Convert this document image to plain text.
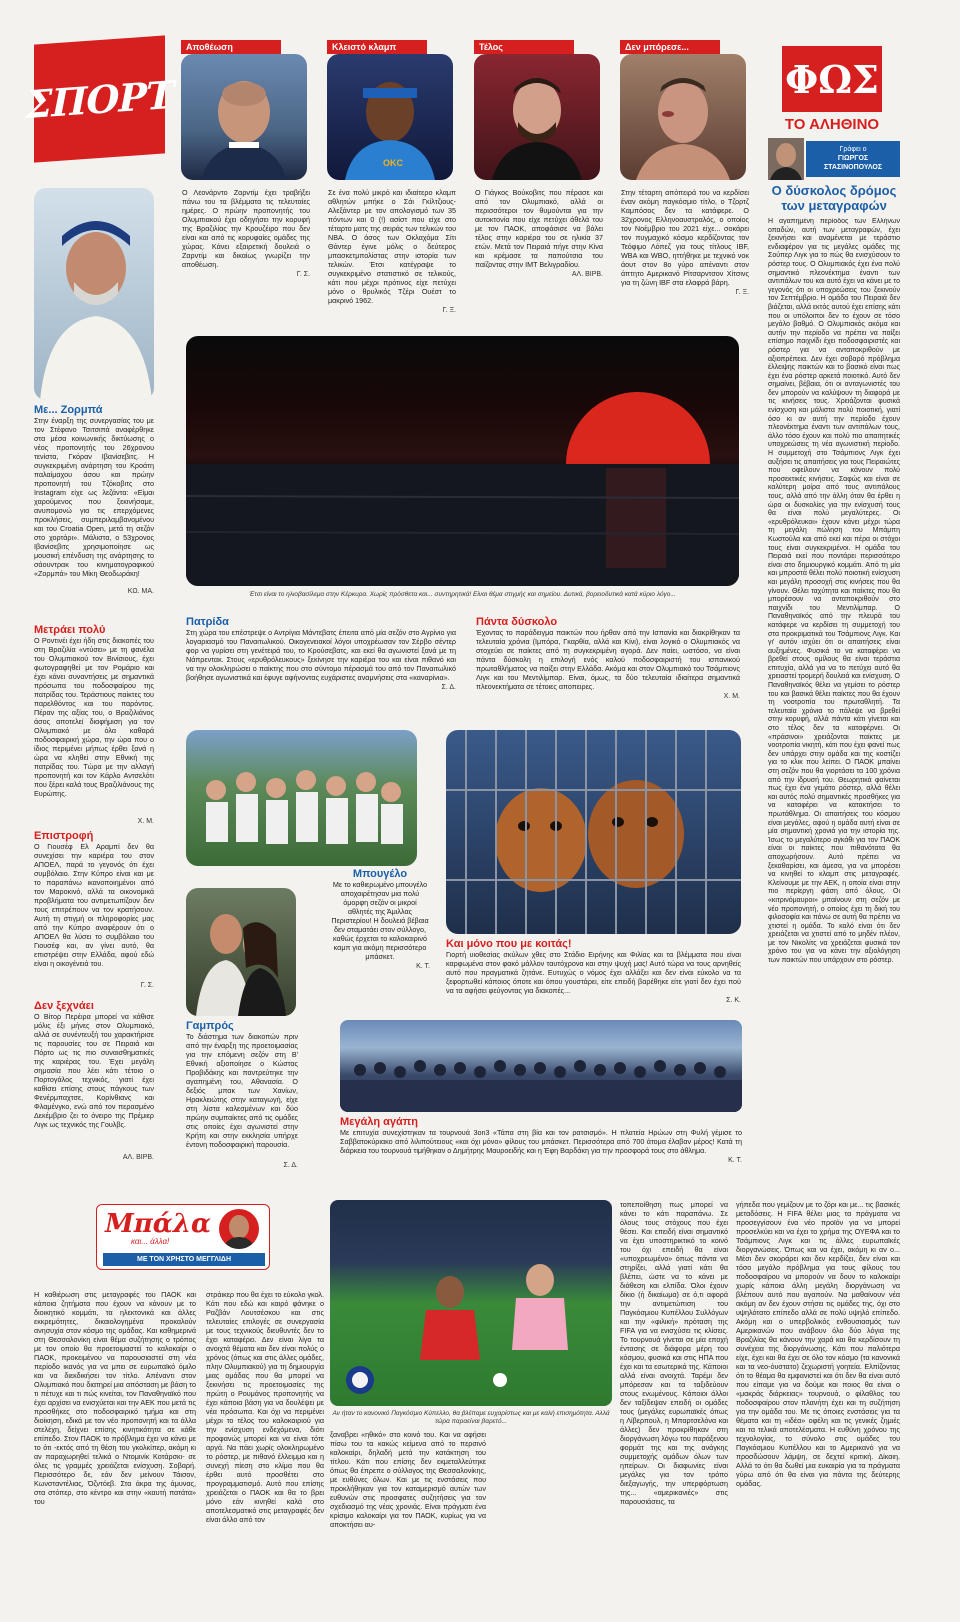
ΣΠΟΡΤ
Αποθέωση	Κλειστό κλαμπ	Τέλος	Δεν μπόρεσε...
OKC
ΦΩΣ
ΤΟ ΑΛΗΘΙΝΟ
Γράφει ο
ΓΙΩΡΓΟΣ ΣΤΑΣΙΝΟΠΟΥΛΟΣ
Ο δύσκολος δρόμος των μεταγραφών
Η αγαπημένη περίοδος των Ελλήνων οπαδών, αυτή των μεταγραφών, έχει ξεκινήσει και αναμένεται με τεράστιο ενδιαφέρον για τις μεγάλες ομάδες της Σούπερ Λιγκ για το πώς θα ενισχύσουν το ρόστερ τους. Ο Ολυμπιακός έχει ένα πολύ σημαντικό πλεονέκτημα έναντι των αντιπάλων του και αυτό έχει να κάνει με το γεγονός ότι οι υποχρεώσεις του ξεκινούν τον Σεπτέμβριο. Η ομάδα του Πειραιά δεν βιάζεται, αλλά εκτός αυτού έχει επίσης κάτι που οι υπόλοιποι δεν το έχουν σε τόσο μεγάλο βαθμό. Ο Ολυμπιακός ακόμα και αυτήν την περίοδο να πρέπει να παίξει επίσημο παιχνίδι έχει ποδοσφαιριστές και ρόστερ για να ανταποκριθούν με αξιοπρέπεια. Δεν έχει σοβαρό πρόβλημα έλλειψης παικτών και το βασικό είναι πως έχει ένα ρόστερ αρκετά ποιοτικό. Αυτό δεν σημαίνει, βέβαια, ότι οι ανταγωνιστές του δεν μπορούν να καλύψουν τη διαφορά με τις κινήσεις τους. Χρειάζονται φυσικά ενίσχυση και μάλιστα πολύ ποιοτική, γιατί όσο κι αν αυτή την περίοδο έχουν πλεονέκτημα έναντι των αντιπάλων τους, άλλο τόσο έχουν και πολύ πιο απαιτητικές υποχρεώσεις τη νέα αγωνιστική περίοδο. Η συμμετοχή στο Τσάμπιονς Λιγκ έχει αυξήσει τις απαιτήσεις για τους Πειραιώτες που οφείλουν να κάνουν πολύ προσεκτικές κινήσεις. Σαφώς και είναι σε καλύτερη μοίρα από τους αντιπάλους τους, αλλά από την άλλη όταν θα έρθει η ώρα οι δυσκολίες για την ενίσχυσή τους θα είναι πολύ μεγαλύτερες. Οι «ερυθρόλευκοι» έχουν κάνει μέχρι τώρα τη μεγάλη πώληση του Μπάμπη Κωστούλα και από εκεί και πέρα οι στόχοι τους είναι συγκεκριμένοι. Η ομάδα του Πειραιά εκεί που ποντάρει περισσότερο είναι στο δημιουργικό κομμάτι. Από τη μία και μπροστά θέλει πολύ ποιοτική ενίσχυση και μεγάλη προσοχή στις κινήσεις που θα γίνουν. Θέλει ταχύτητα και παίκτες που θα μπορέσουν να ανταποκριθούν στο παιχνίδι του Μεντιλίμπαρ. Ο Παναθηναϊκός από την πλευρά του κατάφερε να κερδίσει τη συμμετοχή του στα προκριματικά του Τσάμπιονς Λιγκ. Και γι' αυτόν ισχύει ότι οι απαιτήσεις είναι αυξημένες. Φυσικά το να καταφέρει να βρεθεί στους ομίλους θα είναι τεράστια επιτυχία, αλλά για να το πετύχει αυτό θα χρειαστεί τρομερή δουλειά και ενίσχυση. Ο Παναθηναϊκός θέλει να γεμίσει το ρόστερ του και βασικά θέλει παίκτες που θα έχουν τη νοοτροπία του πρωταθλητή. Τα τελευταία χρόνια το πάλεψε να βρεθεί στην κορυφή, αλλά πάντα κάτι γίνεται και στο τέλος δεν τα καταφέρνει. Οι «πράσινοι» χρειάζονται παίκτες με νοοτροπία νικητή, κάτι που έχει φανεί πως δεν υπάρχει στην ομάδα και της κοστίζει για το κλικ που λείπει. Ο ΠΑΟΚ μπαίνει στη σεζόν που θα γιορτάσει τα 100 χρόνια από την ίδρυσή του. Θεωρητικά φαίνεται πως έχει ένα γεμάτο ρόστερ, αλλά θέλει και αυτός πολύ σημαντικές προσθήκες για να καταφέρει να κατακτήσει το πρωτάθλημα. Οι απαιτήσεις του κόσμου είναι μεγάλες, αφού η ομάδα αυτή είναι σε μία σημαντική χρονιά για την ιστορία της. Ίσως το μεγαλύτερο αγκάθι για τον ΠΑΟΚ είναι οι παίκτες που πιθανότατα θα αποχωρήσουν. Αυτό πρέπει να ξεκαθαρίσει, και άμεσα, για να μπορέσει να κινηθεί το κλαμπ στις μεταγραφές. Κλείνουμε με την ΑΕΚ, η οποία είναι στην πιο περίεργη φάση από όλους. Οι «κιτρινόμαυροι» μπαίνουν στη σεζόν με νέο προπονητή, ο οποίος έχει τη δική του φιλοσοφία και πάνω σε αυτή θα πρέπει να χτιστεί η ομάδα. Το καλό είναι ότι δεν χρειάζεται να χτιστεί από το μηδέν πλέον, με τον Νικολίτς να χρειάζεται φυσικά τον χρόνο του για να κάνει την αξιολόγηση των παικτών που υπάρχουν στο ρόστερ.
Ο Λεονάρντο Ζαρντίμ έχει τραβήξει πάνω του τα βλέμματα τις τελευταίες ημέρες. Ο πρώην προπονητής του Ολυμπιακού έχει οδηγήσει την κορυφή της Βραζιλίας την Κρουζέιρο που δεν είναι και από τις κορυφαίες ομάδες της χώρας. Κάνει εξαιρετική δουλειά ο Ζαρντίμ και δικαίως γνωρίζει την αποθέωση.
Γ. Σ.
Σε ένα πολύ μικρό και ιδιαίτερο κλαμπ αθλητών μπήκε ο Σάι Γκίλτζιους-Αλεξάντερ με τον απολογισμό των 35 πόντων και 0 (!) ασίστ που είχε στο τέταρτο ματς της σειράς των τελικών του NBA. Ο άσος των Οκλαχόμα Σίτι Θάντερ έγινε μόλις ο δεύτερος μπασκετμπολίστας στην ιστορία των τελικών. Έτσι κατέγραψε το συγκεκριμένο στατιστικό σε τελικούς, κάτι που μέχρι πρότινος είχε πετύχει μόνο ο θρυλικός Τζέρι Ουέστ το μακρινό 1962.
Γ. Ξ.
Ο Γιάγκος Βούκοβιτς που πέρασε και από τον Ολυμπιακό, αλλά οι περισσότεροι τον θυμούνται για την αυτοκτονία που είχε πετύχει άθελά του με τον ΠΑΟΚ, αποφάσισε να βάλει τέλος στην καριέρα του σε ηλικία 37 ετών. Μετά τον Πειραιά πήγε στην Κίνα και κρέμασε τα παπούτσια του παίζοντας στην ΙΜΤ Βελιγραδίου.
ΑΛ. ΒΙΡΒ.
Στην τέταρτη απόπειρά του να κερδίσει έναν ακόμη παγκόσμιο τίτλο, ο Τζορτζ Καμπόσος δεν τα κατάφερε. Ο 32χρονος Ελληνοαυστραλός, ο οποίος τον Νοέμβριο του 2021 είχε... σοκάρει τον πυγμαχικό κόσμο κερδίζοντας τον Τεόφιμο Λόπεζ για τους τίτλους IBF, WBA και WBO, ηττήθηκε με τεχνικό νοκ άουτ στον 8ο γύρο απέναντι στον άπτητο Αμερικανό Ρίτσαρντσον Χίτσινς για τη ζώνη IBF στα ελαφρά βάρη.
Γ. Ξ.
Με... Ζορμπά
Στην έναρξη της συνεργασίας του με τον Στέφανο Τσιτσιπά αναφέρθηκε στα μέσα κοινωνικής δικτύωσης ο νέος προπονητής του 26χρονου τενίστα, Γκόραν Ιβανίσεβιτς. Η συγκεκριμένη ανάρτηση του Κροάτη παλαίμαχου άσου και πρώην προπονητή του Τζόκοβιτς στο Instagram είχε ως λεζάντα: «Είμαι χαρούμενος που ξεκινήσαμε, ανυπομονώ για τις επερχόμενες προκλήσεις, συμπεριλαμβανομένου και του Croatia Open, μετά τη σεζόν στο χορτάρι». Μάλιστα, ο 53χρονος Ιβανίσεβιτς χρησιμοποίησε ως μουσική επένδυση της ανάρτησης το σάουντρακ του κινηματογραφικού «Ζορμπά» του Μίκη Θεοδωράκη!
ΚΩ. ΜΑ.
Μετράει πολύ
Ο Ροντινέι έχει ήδη στις διακοπές του στη Βραζιλία «ντύσει» με τη φανέλα του Ολυμπιακού τον Βινίσιους, έχει φωτογραφηθεί με τον Ρομάριο και έχει κάνει συναντήσεις με σημαντικά πρόσωπα του ποδοσφαίρου της πατρίδας του. Τεράστιους παίκτες του παρελθόντος και του παρόντος. Πέραν της αξίας του, ο Βραζιλιάνος άσος αποτελεί διαφήμιση για τον Ολυμπιακό με όλα καθαρά ποδοσφαιρική χώρα, την ώρα που ο ίδιος περιμένει μήπως έρθει ξανά η ώρα να κληθεί στην Εθνική της πατρίδας του. Τώρα με την αλλαγή προπονητή και τον Κάρλο Αντσελότι που ξέρει καλά τους Βραζιλιάνους της Ευρώπης.
Χ. Μ.
Επιστροφή
Ο Γιουσέφ Ελ Αραμπί δεν θα συνεχίσει την καριέρα του στον ΑΠΟΕΛ, παρά το γεγονός ότι έχει συμβόλαιο. Στην Κύπρο είναι και με το παραπάνω ικανοποιημένοι από τον Μαροκινό, αλλά τα οικονομικά προβλήματα του αντιμετωπίζουν δεν τους επιτρέπουν να τον κρατήσουν. Αυτή τη στιγμή οι πληροφορίες μας από την Κύπρο αναφέρουν ότι ο ΑΠΟΕΛ θα λύσει το συμβόλαιο του Γιουσέφ και, αν γίνει αυτό, θα επιστρέψει στην Ελλάδα, αφού εδώ είναι η οικογένειά του.
Γ. Σ.
Δεν ξεχνάει
Ο Βίτορ Περέιρα μπορεί να κάθισε μόλις έξι μήνες στον Ολυμπιακό, αλλά σε συνέντευξή του χαρακτήρισε τις παρουσίες του σε Πειραιά και Πόρτο ως τις πιο συναισθηματικές της καριέρας του. Έχει μεγάλη σημασία που λέει κάτι τέτοιο ο Πορτογάλος τεχνικός, γιατί έχει καθίσει επίσης στους πάγκους των Φενέρμπαχτσε, Κορίνθιανς και Φλαμένγκο, ενώ από τον περασμένο Δεκέμβριο ζει το όνειρο της Πρέμιερ Λιγκ ως τεχνικός της Γουλβς.
ΑΛ. ΒΙΡΒ.
Έτσι είναι το ηλιοβασίλεμα στην Κέρκυρα. Χωρίς πρόσθετα και... συντηρητικά! Είναι θέμα στιγμής και σημείου. Δυτικά, βορειοδυτικά κατά κύριο λόγο...
Πατρίδα
Στη χώρα του επέστρεψε ο Αντρίγια Μάντεβατς έπειτα από μία σεζόν στο Αγρίνιο για λογαριασμό του Παναιτωλικού. Οικογενειακοί λόγοι υποχρέωσαν τον Σέρβο σέντερ φορ να γυρίσει στη γενέτειρά του, το Κρούσεβατς, και εκεί θα αγωνιστεί ξανά με τη Νάπρεντακ. Στους «ερυθρόλευκους» ξεκίνησε την καριέρα του και είναι πιθανό και να την ολοκληρώσει ο παίκτης που στο σύντομο πέρασμά του από τον Παναιτωλικό βοήθησε αγωνιστικά και έφυγε αφήνοντας ευχάριστες αναμνήσεις στα «καναρίνια».
Σ. Δ.
Πάντα δύσκολο
Έχοντας το παράδειγμα παικτών που ήρθαν από την Ισπανία και διακρίθηκαν τα τελευταία χρόνια (Ιμπόρα, Γκαρθία, αλλά και Κίνι), είναι λογικό ο Ολυμπιακός να στοχεύει σε παίκτες από τη συγκεκριμένη αγορά. Δεν παίει, ωστόσο, να είναι πάντα δύσκολη η επιλογή ενός καλού ποδοσφαιριστή του ισπανικού πρωταθλήματος να παίξει στην Ελλάδα. Ακόμα και στον Ολυμπιακό του Τσάμπιονς Λιγκ και του Μεντιλίμπαρ. Είναι, όμως, τα δύο τελευταία ιδιαίτερα σημαντικά πλεονεκτήματα σε τέτοιες αποπειρες.
Χ. Μ.
Μπουγέλο
Με το καθιερωμένο μπουγέλο αποχαιρέτησαν μια πολύ όμορφη σεζόν οι μικροί αθλητές της Άμιλλας Περιστερίου! Η δουλειά βέβαια δεν σταματάει στον σύλλογο, καθώς έρχεται το καλοκαιρινό καμπ για ακόμη περισσότερο μπάσκετ.
Κ. Τ.
Γαμπρός
Το διάστημα των διακοπών πριν από την έναρξη της προετοιμασίας για την επόμενη σεζόν στη Β' Εθνική αξιοποίησε ο Κώστας Προβιδάκης και παντρεύτηκε την αγαπημένη του, Αθανασία. Ο δεξιός μπακ των Χανίων, Ηρακλειώτης στην καταγωγή, είχε στη λίστα καλεσμένων και δύο πρώην συμπαίκτες από τις ομάδες στις οποίες έχει αγωνιστεί στην Κρήτη και στην εκκλησία υπήρχε έντονη ποδοσφαιρική παρουσία.
Σ. Δ.
Και μόνο που με κοιτάς!
Γιορτή υιοθεσίας σκύλων χθες στο Στάδιο Ειρήνης και Φιλίας και τα βλέμματα που είναι καρφωμένα στον φακό μάλλον ταυτόχρονα και στην ψυχή μας! Αυτό τώρα να τους αρνηθείς αυτό που πραγματικά ζητάνε. Ευτυχώς ο νόμος έχει αλλάξει και δεν είναι εύκολο να τα ξεφορτωθεί κάποιος όποτε και όπου γουστάρει, είτε επειδή βαρέθηκε είτε γιατί δεν έχει πού να τα αφήσει φεύγοντας για διακοπές...
Σ. Κ.
Μεγάλη αγάπη
Με επιτυχία συνεχίστηκαν τα τουρνουά 3on3 «Τάπα στη βία και τον ρατσισμό». Η πλατεία Ηρώων στη Φυλή γέμισε το Σαββατοκύριακο από λιλιπούτειους «και όχι μόνο» φίλους του μπάσκετ. Περισσότερα από 700 άτομα έλαβαν μέρος! Κατά τη διάρκεια του τουρνουά τιμήθηκαν ο Δημήτρης Μαυροειδής και η Έφη Βαρδάκη για την προσφορά τους στο άθλημα.
Κ. Τ.
Μπάλα
και... άλλα!
ΜΕ ΤΟΝ ΧΡΗΣΤΟ ΜΕΓΓΛΙΔΗ
Αν ήταν το κανονικό Παγκόσμιο Κύπελλο, θα βλέπαμε ευχαρίστως και με καλή επισημότητα. Αλλά τώρα παραείναι βαρετό...
Η καθιέρωση στις μεταγραφές του ΠΑΟΚ και κάποια ζητήματα που έχουν να κάνουν με το διοικητικό κομμάτι, τα ηλεκτονικά και άλλες εκκρεμότητες, δικαιολογημένα προκαλούν ανησυχία στον κόσμο της ομάδας. Και καθημερινά στη Θεσσαλονίκη είναι θέμα συζήτησης ο τρόπος με τον οποίο θα προετοιμαστεί το καλοκαίρι ο ΠΑΟΚ, προκειμένου να παρουσιαστεί στη νέα περίοδο ικανός για να μπει σε ευρωπαϊκό όμιλο και να διεκδικήσει τον τίτλο. Απέναντι στον Ολυμπιακό που διατηρεί μια απόσταση με βάση το τι πέτυχε και τι πώς κινείται, τον Παναθηναϊκό που έχει αρχίσει να ενισχύεται και την ΑΕΚ που μετά τις προσθήκες στο ποδοσφαιρικό τμήμα και στη διοίκηση, εδικά με τον νέο προπονητή και τα άλλα στελέχη, δείχνει επίσης κινητικότητα σε κάθε επίπεδο. Στον ΠΑΟΚ το πρόβλημα έχει να κάνει με το ότι -εκτός από τη θέση του γκολκίπερ, ακόμη κι αν παραχωρηθεί τελικά ο Ντομινίκ Κοτάρσκι- σε όλες τις γραμμές χρειάζεται ενίσχυση. Σοβαρή. Περισσότερο δε, εάν δεν μείνουν Τάισον, Κωνσταντέλιας, Όζντόεβ. Στα άκρα της άμυνας, στα στόπερ, στο κέντρο και στην «καυτή πατάτα» του
στράικερ που θα έχει το εύκολο γκολ. Κάτι που εδώ και καιρό φάνηκε ο Ραζβάν Λουτσέσκου και στις τελευταίες επιλογές σε συνεργασία με τους τεχνικούς διευθυντές δεν το έχει καταφέρει. Δεν είναι λίγα τα ανοιχτά θέματα και δεν είναι πολύς ο χρόνος (όπως και στις άλλες ομάδες, πλην Ολυμπιακού) για τη δημιουργία μιας ομάδας που θα μπορεί να ξεκινήσει τις προετοιμασίες της πρώτη ο Ρουμάνος προπονητής να έχει κάποια βάση για να δουλέψει με νέα πρόσωπα. Και όχι να περιμένει μέχρι το τέλος του καλοκαιριού για την ενίσχυση ενδεχόμενα, διότι προφανώς μπορεί και να είναι τότε αργά. Να πάει χωρίς ολοκληρωμένο το ρόστερ, με πιθανό έλλειμμα και η συνεχή πίεση στο κλίμα που θα έρθει αυτό προσθέτει στο προγραμματισμό. Αυτό που επίσης χρειάζεται ο ΠΑΟΚ και θα το βρει μόνο εάν κινηθεί καλά στο αποτελεσματικό στις μεταγραφές δεν είναι άλλο από τον
ξαναβρει «ηθικό» στο κοινό του. Και να αφήσει πίσω του τα κακώς κείμενα από το περσινό καλοκαίρι, δηλαδή μετά την κατάκτηση του τίτλου. Κάτι που επίσης δεν εκμεταλλεύτηκε όπως θα έπρεπε ο σύλλογος της Θεσσαλονίκης, με ευθύνες όλων. Και με τις ενστάσεις που προκλήθηκαν για τον καταμερισμό αυτών των ευθυνών στις προσφατες συζητήσεις για τον σχεδιασμό της νέας χρονιάς. Είναι πράγματι ένα κρίσιμο καλοκαίρι για τον ΠΑΟΚ, κυρίως για να αποκτήσει αυ-
τοπεποίθηση πως μπορεί να κάνει το κάτι παραπάνω. Σε όλους τους στόχους που έχει θέσει. Και επειδή είναι σημαντικό να έχει υποστηρικτικό το κοινό του όχι επειδή θα είναι «υποχρεωμένο» όπως πάντα να στηρίξει, αλλά γιατί κάτι θα βλέπει, ώστε να το κάνει με διάθεση και ελπίδα. Όλοι έχουν δίκιο (ή δικαίωμα) σε ό,τι αφορά την αντιμετώπιση του Παγκόσμιου Κυπέλλου Συλλόγων και την «φιλική» πρόταση της FIFA για να ενισχύσει τις κλίσεις. Το τουρνουά γίνεται σε μία εποχή έντασης σε διάφορα μέρη του κόσμου, φυσικά και στις ΗΠΑ που έχει και τα εσωτερικά της. Κάποιοι αλλά είναι ανοιχτά. Ταρέμι δεν μπόρεσαν και τα ταξιδεύουν στους ενωμένους. Κάποιοι άλλοι δεν ταξίδεψαν επειδή οι ομάδες τους (μεγάλες ευρωπαϊκές όπως η Λίβερπουλ, η Μπαρτσελόνα και άλλες) δεν προκρίθηκαν στη διοργάνωση λόγω του παράξενου φορμάτ της και της ανάγκης συμμετοχής ομάδων όλων των ηπείρων. Οι διαφωνίες είναι μεγάλες για τον τρόπο διεξαγωγής, την υπερφόρτωση της... «αμερικανιές» στις παρουσιάσεις, τα
γήπεδα που γεμίζουν με το ζόρι και με... τις βασικές μεταδόσεις. Η FIFA θέλει μιας τα πράγματα να προσεγγίσουν ένα νέο προϊόν για να μπορεί προσελκύει και να έχει το χρήμα της ΟΥΕΦΑ και το Τσάμπιονς Λιγκ και τις άλλες ευρωπαϊκές διοργανώσεις. Όπως και να έχει, ακόμη κι αν ο... Μέσι δεν σκοράρει και δεν κερδίζει, δεν είναι και τόσο μεγάλο πρόβλημα για τους φίλους του ποδοσφαίρου να μπορούν να δουν το καλοκαίρι χωρίς κάποια άλλη μεγάλη διοργάνωση να βλέπουν αυτό που αγαπούν. Να μαθαίνουν νέα ακόμη αν δεν έχουν στήσει τις ομάδες της, όχι στο υψηλότατο επίπεδο αλλά σε πολύ υψηλό επίπεδο. Ακόμη και ο υπερβολικός ενθουσιασμός των Αμερικανών που ανάβουν όλο δύο λόγια της Βραζιλίας θα κάνουν την χαρά και θα κερδίσουν τη συνέχεια της διοργάνωσης. Κάτι που παλιότερα είχε, έχει και θα έχει σε όλο τον κόσμο (τα κανονικά και τα νεο-όυστατο) ζεχωριστή γοητεία. Ελπίζοντας ότι το θέαμα θα εμφανιστεί και ότι δεν θα είναι αυτό που είπαμε για να δούμε και ποιος θα είναι ο «μακράς διάρκειας» τουρνουά, ο φίλαθλος του ποδοσφαίρου στον πλανήτη έχει και τη συζήτηση για την ομάδα του. Με τις όποιες ενστάσεις για τα θέματα και τη «ιδέα» οφέλη και τις γενικές ζημιές και τα τελικά αποτελέσματα. Η ευθύνη χρόνου της τεχνολογίας, το σύνολο στις ομάδες του Παγκόσμιου Κυπέλλου και το Αμερικανό για να προσδώσουν λάμψη, σε δεχτεί κριτική. Δίκαιη. Αλλά το ότι θα δωθεί μια ευκαιρία για τα πράγματα γύρω από ότι θα είναι για πάντα της δεύτερης ομάδας.
